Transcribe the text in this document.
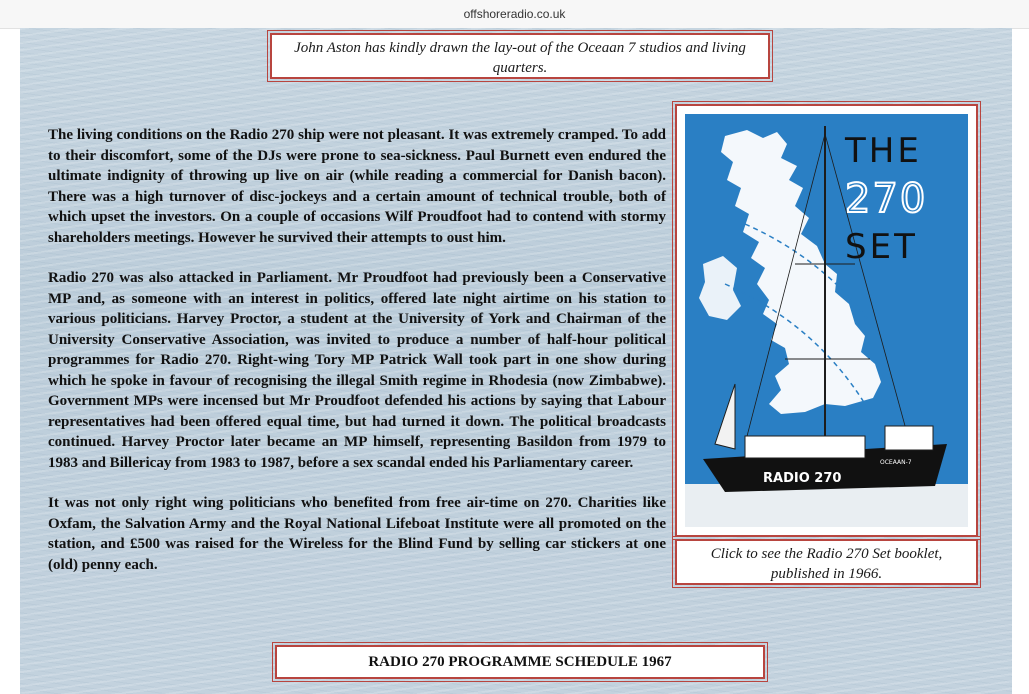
offshoreradio.co.uk
John Aston has kindly drawn the lay-out of the Oceaan 7 studios and living quarters.

The living conditions on the Radio 270 ship were not pleasant. It was extremely cramped. To add to their discomfort, some of the DJs were prone to sea-sickness. Paul Burnett even endured the ultimate indignity of throwing up live on air (while reading a commercial for Danish bacon). There was a high turnover of disc-jockeys and a certain amount of technical trouble, both of which upset the investors. On a couple of occasions Wilf Proudfoot had to contend with stormy shareholders meetings. However he survived their attempts to oust him.

Radio 270 was also attacked in Parliament. Mr Proudfoot had previously been a Conservative MP and, as someone with an interest in politics, offered late night airtime on his station to various politicians. Harvey Proctor, a student at the University of York and Chairman of the University Conservative Association, was invited to produce a number of half-hour political programmes for Radio 270. Right-wing Tory MP Patrick Wall took part in one show during which he spoke in favour of recognising the illegal Smith regime in Rhodesia (now Zimbabwe). Government MPs were incensed but Mr Proudfoot defended his actions by saying that Labour representatives had been offered equal time, but had turned it down. The political broadcasts continued. Harvey Proctor later became an MP himself, representing Basildon from 1979 to 1983 and Billericay from 1983 to 1987, before a sex scandal ended his Parliamentary career.

It was not only right wing politicians who benefited from free air-time on 270. Charities like Oxfam, the Salvation Army and the Royal National Lifeboat Institute were all promoted on the station, and £500 was raised for the Wireless for the Blind Fund by selling car stickers at one (old) penny each.

THE
270
SET
RADIO 270
OCEAAN-7
Click to see the Radio 270 Set booklet, published in 1966.
RADIO 270 PROGRAMME SCHEDULE 1967
